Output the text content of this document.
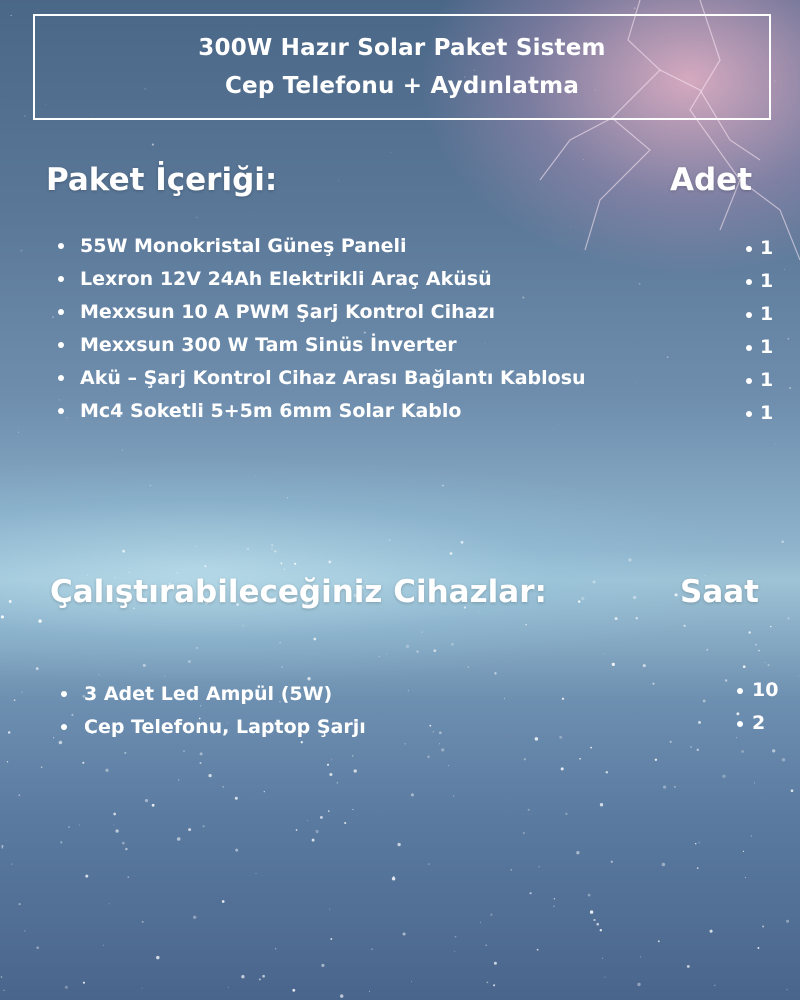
300W Hazır Solar Paket Sistem
Cep Telefonu + Aydınlatma
Paket İçeriği:	Adet
55W Monokristal Güneş Paneli	1
Lexron 12V 24Ah Elektrikli Araç Aküsü	1
Mexxsun 10 A PWM Şarj Kontrol Cihazı	1
Mexxsun 300 W Tam Sinüs İnverter	1
Akü – Şarj Kontrol Cihaz Arası Bağlantı Kablosu	1
Mc4 Soketli 5+5m 6mm Solar Kablo	1
Çalıştırabileceğiniz Cihazlar:	Saat
3 Adet Led Ampül (5W)	10
Cep Telefonu, Laptop Şarjı	2
